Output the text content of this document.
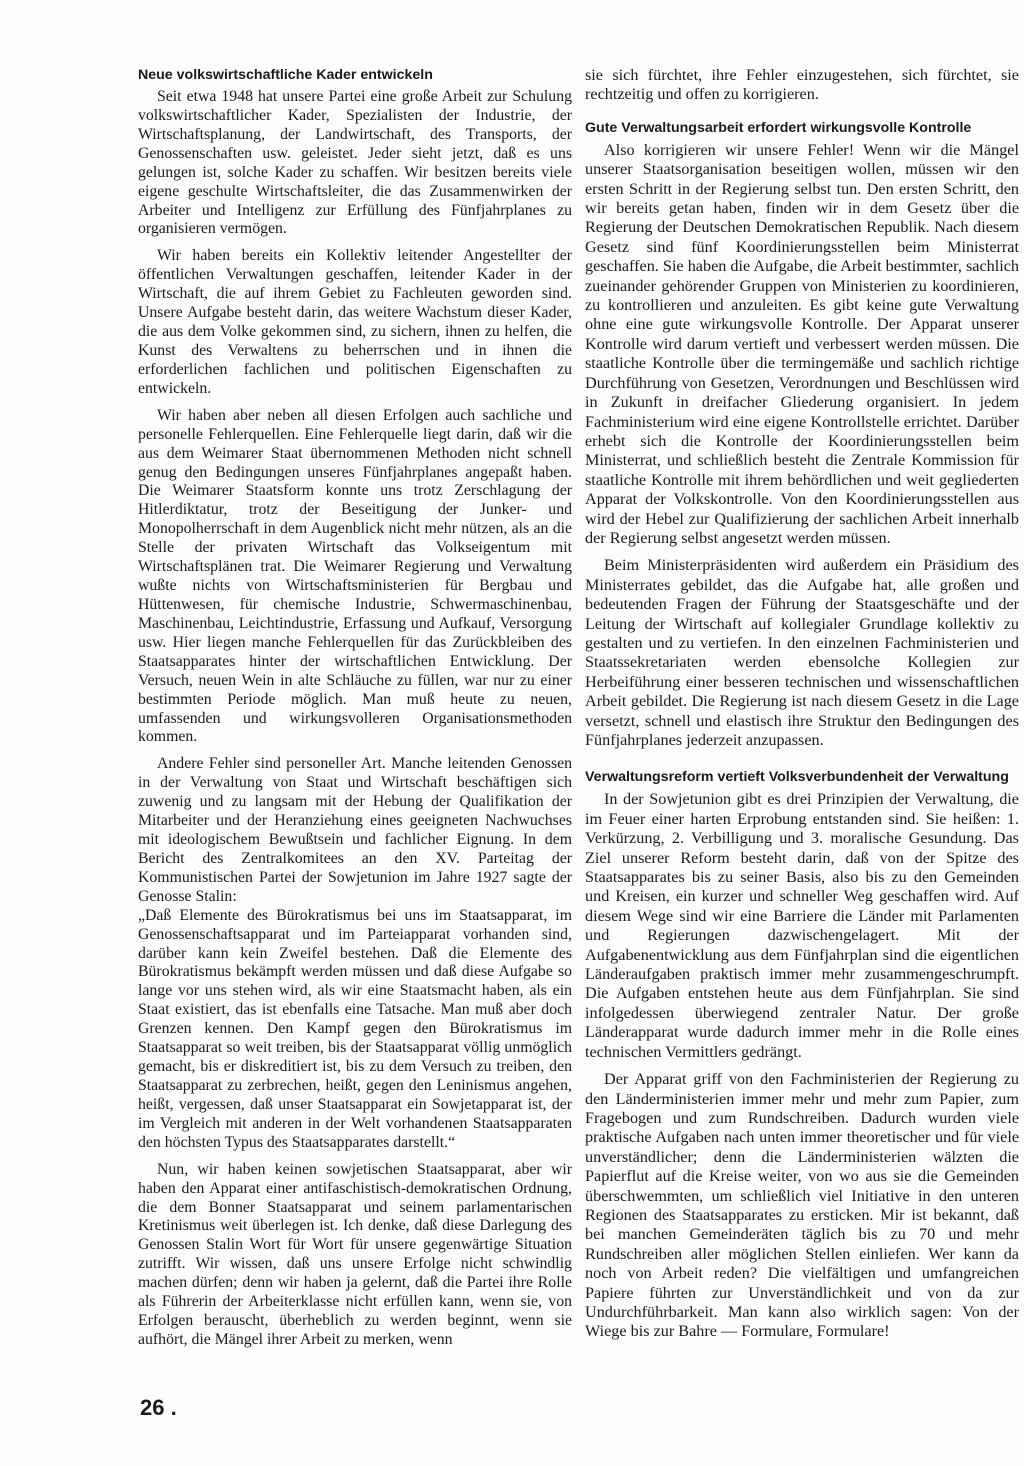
Neue volkswirtschaftliche Kader entwickeln

Seit etwa 1948 hat unsere Partei eine große Arbeit zur Schulung volkswirtschaftlicher Kader, Spezialisten der Industrie, der Wirtschaftsplanung, der Landwirtschaft, des Transports, der Genossenschaften usw. geleistet. Jeder sieht jetzt, daß es uns gelungen ist, solche Kader zu schaffen. Wir besitzen bereits viele eigene geschulte Wirtschaftsleiter, die das Zusammenwirken der Arbeiter und Intelligenz zur Erfüllung des Fünfjahrplanes zu organisieren vermögen.

Wir haben bereits ein Kollektiv leitender Angestellter der öffentlichen Verwaltungen geschaffen, leitender Kader in der Wirtschaft, die auf ihrem Gebiet zu Fachleuten geworden sind. Unsere Aufgabe besteht darin, das weitere Wachstum dieser Kader, die aus dem Volke gekommen sind, zu sichern, ihnen zu helfen, die Kunst des Verwaltens zu beherrschen und in ihnen die erforderlichen fachlichen und politischen Eigenschaften zu entwickeln.

Wir haben aber neben all diesen Erfolgen auch sachliche und personelle Fehlerquellen. Eine Fehlerquelle liegt darin, daß wir die aus dem Weimarer Staat übernommenen Methoden nicht schnell genug den Bedingungen unseres Fünfjahrplanes angepaßt haben. Die Weimarer Staatsform konnte uns trotz Zerschlagung der Hitlerdiktatur, trotz der Beseitigung der Junker- und Monopolherrschaft in dem Augenblick nicht mehr nützen, als an die Stelle der privaten Wirtschaft das Volkseigentum mit Wirtschaftsplänen trat. Die Weimarer Regierung und Verwaltung wußte nichts von Wirtschaftsministerien für Bergbau und Hüttenwesen, für chemische Industrie, Schwermaschinenbau, Maschinenbau, Leichtindustrie, Erfassung und Aufkauf, Versorgung usw. Hier liegen manche Fehlerquellen für das Zurückbleiben des Staatsapparates hinter der wirtschaftlichen Entwicklung. Der Versuch, neuen Wein in alte Schläuche zu füllen, war nur zu einer bestimmten Periode möglich. Man muß heute zu neuen, umfassenden und wirkungsvolleren Organisationsmethoden kommen.

Andere Fehler sind personeller Art. Manche leitenden Genossen in der Verwaltung von Staat und Wirtschaft beschäftigen sich zuwenig und zu langsam mit der Hebung der Qualifikation der Mitarbeiter und der Heranziehung eines geeigneten Nachwuchses mit ideologischem Bewußtsein und fachlicher Eignung. In dem Bericht des Zentralkomitees an den XV. Parteitag der Kommunistischen Partei der Sowjetunion im Jahre 1927 sagte der Genosse Stalin:

„Daß Elemente des Bürokratismus bei uns im Staatsapparat, im Genossenschaftsapparat und im Parteiapparat vorhanden sind, darüber kann kein Zweifel bestehen. Daß die Elemente des Bürokratismus bekämpft werden müssen und daß diese Aufgabe so lange vor uns stehen wird, als wir eine Staatsmacht haben, als ein Staat existiert, das ist ebenfalls eine Tatsache. Man muß aber doch Grenzen kennen. Den Kampf gegen den Bürokratismus im Staatsapparat so weit treiben, bis der Staatsapparat völlig unmöglich gemacht, bis er diskreditiert ist, bis zu dem Versuch zu treiben, den Staatsapparat zu zerbrechen, heißt, gegen den Leninismus angehen, heißt, vergessen, daß unser Staatsapparat ein Sowjetapparat ist, der im Vergleich mit anderen in der Welt vorhandenen Staatsapparaten den höchsten Typus des Staatsapparates darstellt.“

Nun, wir haben keinen sowjetischen Staatsapparat, aber wir haben den Apparat einer antifaschistisch-demokratischen Ordnung, die dem Bonner Staatsapparat und seinem parlamentarischen Kretinismus weit überlegen ist. Ich denke, daß diese Darlegung des Genossen Stalin Wort für Wort für unsere gegenwärtige Situation zutrifft. Wir wissen, daß uns unsere Erfolge nicht schwindlig machen dürfen; denn wir haben ja gelernt, daß die Partei ihre Rolle als Führerin der Arbeiterklasse nicht erfüllen kann, wenn sie, von Erfolgen berauscht, überheblich zu werden beginnt, wenn sie aufhört, die Mängel ihrer Arbeit zu merken, wenn

sie sich fürchtet, ihre Fehler einzugestehen, sich fürchtet, sie rechtzeitig und offen zu korrigieren.

Gute Verwaltungsarbeit erfordert wirkungsvolle Kontrolle

Also korrigieren wir unsere Fehler! Wenn wir die Mängel unserer Staatsorganisation beseitigen wollen, müssen wir den ersten Schritt in der Regierung selbst tun. Den ersten Schritt, den wir bereits getan haben, finden wir in dem Gesetz über die Regierung der Deutschen Demokratischen Republik. Nach diesem Gesetz sind fünf Koordinierungsstellen beim Ministerrat geschaffen. Sie haben die Aufgabe, die Arbeit bestimmter, sachlich zueinander gehörender Gruppen von Ministerien zu koordinieren, zu kontrollieren und anzuleiten. Es gibt keine gute Verwaltung ohne eine gute wirkungsvolle Kontrolle. Der Apparat unserer Kontrolle wird darum vertieft und verbessert werden müssen. Die staatliche Kontrolle über die termingemäße und sachlich richtige Durchführung von Gesetzen, Verordnungen und Beschlüssen wird in Zukunft in dreifacher Gliederung organisiert. In jedem Fachministerium wird eine eigene Kontrollstelle errichtet. Darüber erhebt sich die Kontrolle der Koordinierungsstellen beim Ministerrat, und schließlich besteht die Zentrale Kommission für staatliche Kontrolle mit ihrem behördlichen und weit gegliederten Apparat der Volkskontrolle. Von den Koordinierungsstellen aus wird der Hebel zur Qualifizierung der sachlichen Arbeit innerhalb der Regierung selbst angesetzt werden müssen.

Beim Ministerpräsidenten wird außerdem ein Präsidium des Ministerrates gebildet, das die Aufgabe hat, alle großen und bedeutenden Fragen der Führung der Staatsgeschäfte und der Leitung der Wirtschaft auf kollegialer Grundlage kollektiv zu gestalten und zu vertiefen. In den einzelnen Fachministerien und Staatssekretariaten werden ebensolche Kollegien zur Herbeiführung einer besseren technischen und wissenschaftlichen Arbeit gebildet. Die Regierung ist nach diesem Gesetz in die Lage versetzt, schnell und elastisch ihre Struktur den Bedingungen des Fünfjahrplanes jederzeit anzupassen.

Verwaltungsreform vertieft Volksverbundenheit der Verwaltung

In der Sowjetunion gibt es drei Prinzipien der Verwaltung, die im Feuer einer harten Erprobung entstanden sind. Sie heißen: 1. Verkürzung, 2. Verbilligung und 3. moralische Gesundung. Das Ziel unserer Reform besteht darin, daß von der Spitze des Staatsapparates bis zu seiner Basis, also bis zu den Gemeinden und Kreisen, ein kurzer und schneller Weg geschaffen wird. Auf diesem Wege sind wir eine Barriere die Länder mit Parlamenten und Regierungen dazwischengelagert. Mit der Aufgabenentwicklung aus dem Fünfjahrplan sind die eigentlichen Länderaufgaben praktisch immer mehr zusammengeschrumpft. Die Aufgaben entstehen heute aus dem Fünfjahrplan. Sie sind infolgedessen überwiegend zentraler Natur. Der große Länderapparat wurde dadurch immer mehr in die Rolle eines technischen Vermittlers gedrängt.

Der Apparat griff von den Fachministerien der Regierung zu den Länderministerien immer mehr und mehr zum Papier, zum Fragebogen und zum Rundschreiben. Dadurch wurden viele praktische Aufgaben nach unten immer theoretischer und für viele unverständlicher; denn die Länderministerien wälzten die Papierflut auf die Kreise weiter, von wo aus sie die Gemeinden überschwemmten, um schließlich viel Initiative in den unteren Regionen des Staatsapparates zu ersticken. Mir ist bekannt, daß bei manchen Gemeinderäten täglich bis zu 70 und mehr Rundschreiben aller möglichen Stellen einliefen. Wer kann da noch von Arbeit reden? Die vielfältigen und umfangreichen Papiere führten zur Unverständlichkeit und von da zur Undurchführbarkeit. Man kann also wirklich sagen: Von der Wiege bis zur Bahre — Formulare, Formulare!

26 .
